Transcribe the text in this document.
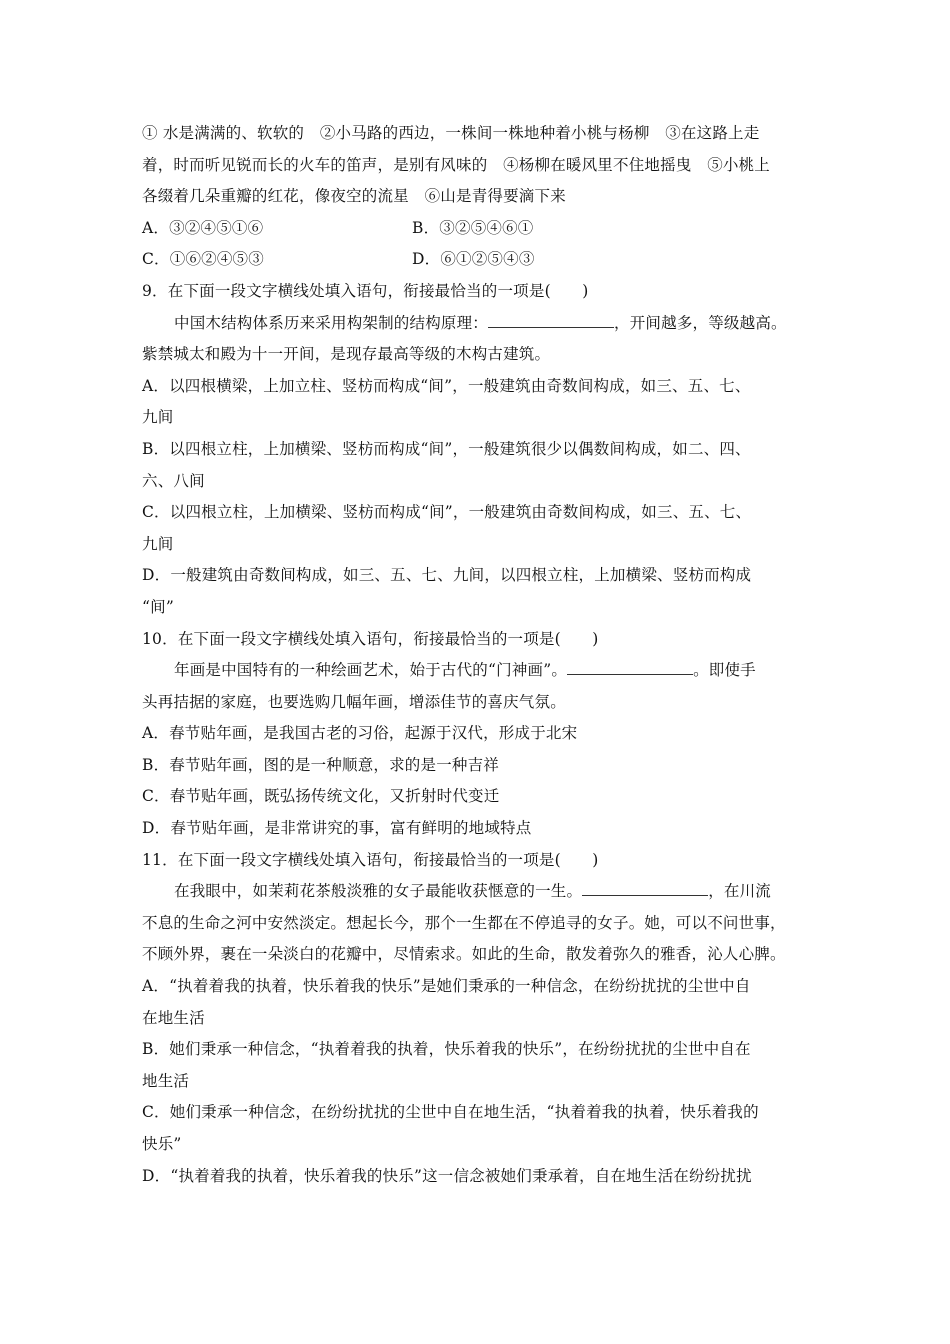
① 水是满满的、软软的　②小马路的西边，一株间一株地种着小桃与杨柳　③在这路上走
着，时而听见锐而长的火车的笛声，是别有风味的　④杨柳在暖风里不住地摇曳　⑤小桃上
各缀着几朵重瓣的红花，像夜空的流星　⑥山是青得要滴下来
A．③②④⑤①⑥	B．③②⑤④⑥①
C．①⑥②④⑤③	D．⑥①②⑤④③
9．在下面一段文字横线处填入语句，衔接最恰当的一项是(　　)
中国木结构体系历来采用构架制的结构原理：	，开间越多，等级越高。
紫禁城太和殿为十一开间，是现存最高等级的木构古建筑。
A．以四根横梁，上加立柱、竖枋而构成“间”，一般建筑由奇数间构成，如三、五、七、
九间
B．以四根立柱，上加横梁、竖枋而构成“间”，一般建筑很少以偶数间构成，如二、四、
六、八间
C．以四根立柱，上加横梁、竖枋而构成“间”，一般建筑由奇数间构成，如三、五、七、
九间
D．一般建筑由奇数间构成，如三、五、七、九间，以四根立柱，上加横梁、竖枋而构成
“间”
10．在下面一段文字横线处填入语句，衔接最恰当的一项是(　　)
年画是中国特有的一种绘画艺术，始于古代的“门神画”。	。即使手
头再拮据的家庭，也要选购几幅年画，增添佳节的喜庆气氛。
A．春节贴年画，是我国古老的习俗，起源于汉代，形成于北宋
B．春节贴年画，图的是一种顺意，求的是一种吉祥
C．春节贴年画，既弘扬传统文化，又折射时代变迁
D．春节贴年画，是非常讲究的事，富有鲜明的地域特点
11．在下面一段文字横线处填入语句，衔接最恰当的一项是(　　)
在我眼中，如茉莉花茶般淡雅的女子最能收获惬意的一生。	，在川流
不息的生命之河中安然淡定。想起长今，那个一生都在不停追寻的女子。她，可以不问世事，
不顾外界，裹在一朵淡白的花瓣中，尽情索求。如此的生命，散发着弥久的雅香，沁人心脾。
A．“执着着我的执着，快乐着我的快乐”是她们秉承的一种信念，在纷纷扰扰的尘世中自
在地生活
B．她们秉承一种信念，“执着着我的执着，快乐着我的快乐”，在纷纷扰扰的尘世中自在
地生活
C．她们秉承一种信念，在纷纷扰扰的尘世中自在地生活，“执着着我的执着，快乐着我的
快乐”
D．“执着着我的执着，快乐着我的快乐”这一信念被她们秉承着，自在地生活在纷纷扰扰
